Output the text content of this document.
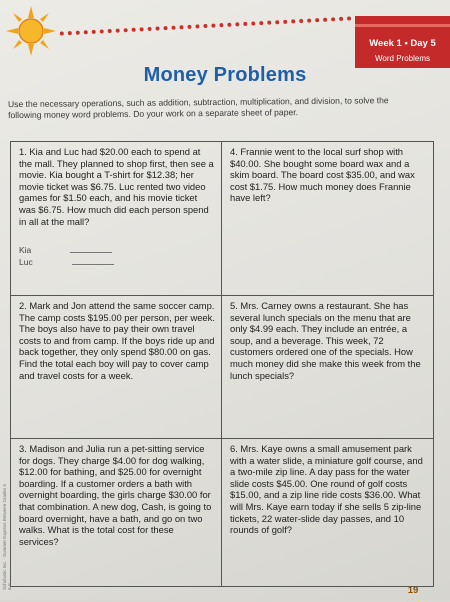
Week 1 • Day 5
Word Problems
Money Problems
Use the necessary operations, such as addition, subtraction, multiplication, and division, to solve the following money word problems. Do your work on a separate sheet of paper.
1. Kia and Luc had $20.00 each to spend at the mall. They planned to shop first, then see a movie. Kia bought a T-shirt for $12.38; her movie ticket was $6.75. Luc rented two video games for $1.50 each, and his movie ticket was $6.75. How much did each person spend in all at the mall?
Kia Luc
4. Frannie went to the local surf shop with $40.00. She bought some board wax and a skim board. The board cost $35.00, and wax cost $1.75. How much money does Frannie have left?
2. Mark and Jon attend the same soccer camp. The camp costs $195.00 per person, per week. The boys also have to pay their own travel costs to and from camp. If the boys ride up and back together, they only spend $80.00 on gas. Find the total each boy will pay to cover camp and travel costs for a week.
5. Mrs. Carney owns a restaurant. She has several lunch specials on the menu that are only $4.99 each. They include an entrée, a soup, and a beverage. This week, 72 customers ordered one of the specials. How much money did she make this week from the lunch specials?
3. Madison and Julia run a pet-sitting service for dogs. They charge $4.00 for dog walking, $12.00 for bathing, and $25.00 for overnight boarding. If a customer orders a bath with overnight boarding, the girls charge $30.00 for that combination. A new dog, Cash, is going to board overnight, have a bath, and go on two walks. What is the total cost for these services?
6. Mrs. Kaye owns a small amusement park with a water slide, a miniature golf course, and a two-mile zip line. A day pass for the water slide costs $45.00. One round of golf costs $15.00, and a zip line ride costs $36.00. What will Mrs. Kaye earn today if she sells 5 zip-line tickets, 22 water-slide day passes, and 10 rounds of golf?
Scholastic Inc. · Summer Express Between Grades 5 & 6	19
